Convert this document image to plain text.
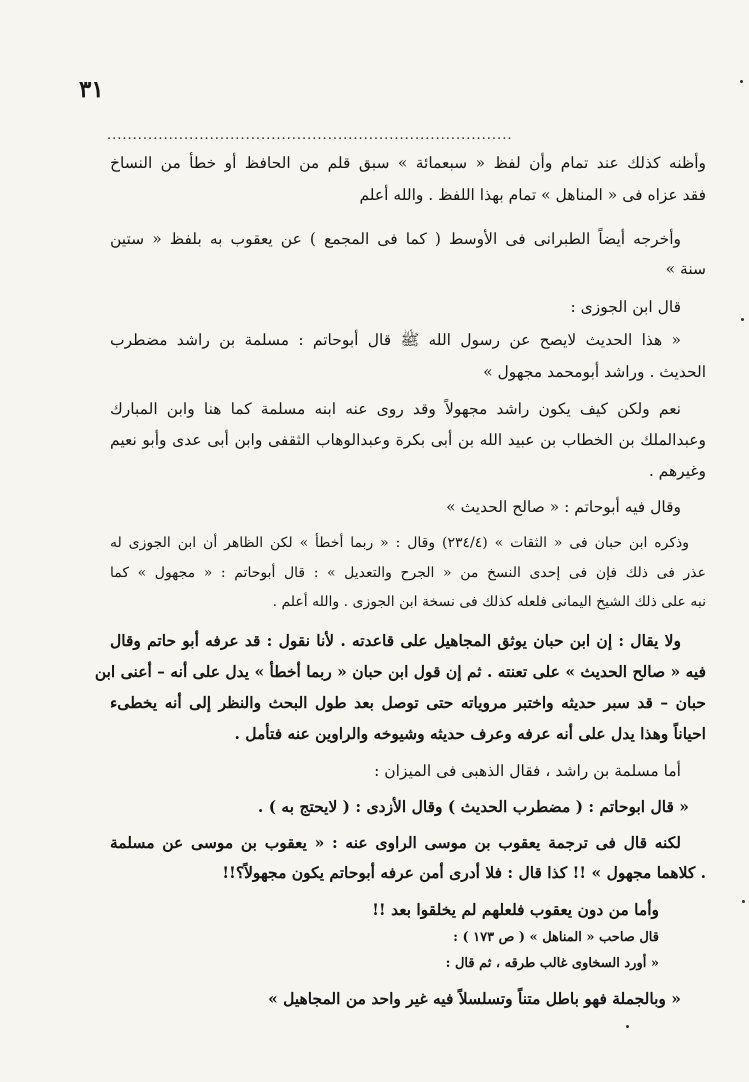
٣١
...............................................................................
وأظنه كذلك عند تمام وأن لفظ « سبعمائة » سبق قلم من الحافظ أو خطأ من النساخ
فقد عزاه فى « المناهل » تمام بهذا اللفظ . والله أعلم
وأخرجه أيضاً الطبرانى فى الأوسط ( كما فى المجمع ) عن يعقوب به بلفظ « ستين
سنة »
قال ابن الجوزى :
« هذا الحديث لايصح عن رسول الله ﷺ قال أبوحاتم : مسلمة بن راشد مضطرب
الحديث . وراشد أبومحمد مجهول »
نعم ولكن كيف يكون راشد مجهولاً وقد روى عنه ابنه مسلمة كما هنا وابن المبارك
وعبدالملك بن الخطاب بن عبيد الله بن أبى بكرة وعبدالوهاب الثقفى وابن أبى عدى وأبو نعيم
وغيرهم .
وقال فيه أبوحاتم : « صالح الحديث »
وذكره ابن حبان فى « الثقات » (٢٣٤/٤) وقال : « ربما أخطأ » لكن الظاهر أن ابن الجوزى له
عذر فى ذلك فإن فى إحدى النسخ من « الجرح والتعديل » : قال أبوحاتم : « مجهول » كما
نبه على ذلك الشيخ اليمانى فلعله كذلك فى نسخة ابن الجوزى . والله أعلم .
ولا يقال : إن ابن حبان يوثق المجاهيل على قاعدته . لأنا نقول : قد عرفه أبو حاتم وقال
فيه « صالح الحديث » على تعنته . ثم إن قول ابن حبان « ربما أخطأ » يدل على أنه – أعنى ابن
حبان – قد سبر حديثه واختبر مروياته حتى توصل بعد طول البحث والنظر إلى أنه يخطىء
احياناً وهذا يدل على أنه عرفه وعرف حديثه وشيوخه والراوين عنه فتأمل .
أما مسلمة بن راشد ، فقال الذهبى فى الميزان :
« قال ابوحاتم : ( مضطرب الحديث ) وقال الأزدى : ( لايحتج به ) .
لكنه قال فى ترجمة يعقوب بن موسى الراوى عنه : « يعقوب بن موسى عن مسلمة
. كلاهما مجهول » !! كذا قال : فلا أدرى أمن عرفه أبوحاتم يكون مجهولاً؟!!
وأما من دون يعقوب فلعلهم لم يخلقوا بعد !!
قال صاحب « المناهل » ( ص ١٧٣ ) :
« أورد السخاوى غالب طرقه ، ثم قال :
« وبالجملة فهو باطل متناً وتسلسلاً فيه غير واحد من المجاهيل »
